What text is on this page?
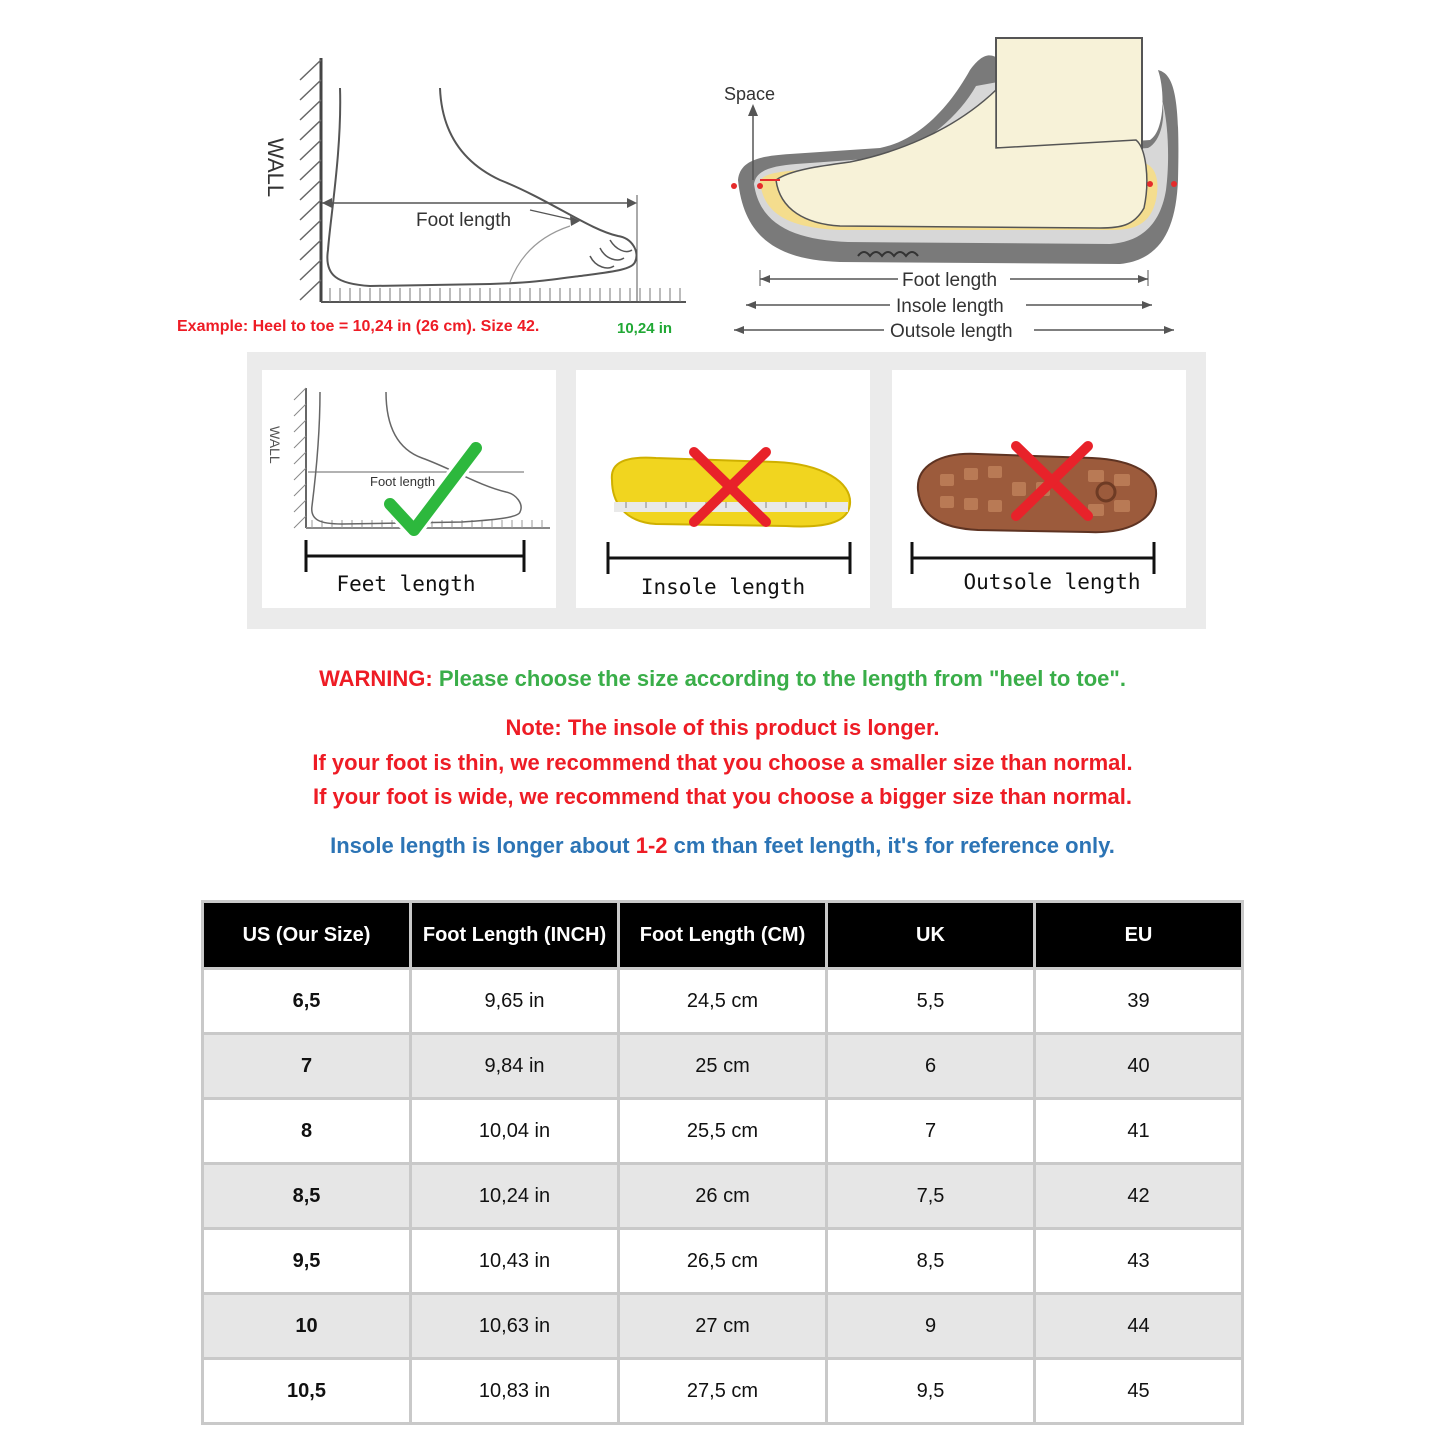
WALL
Foot length
Example: Heel to toe = 10,24 in (26 cm). Size 42.	10,24 in
Space
Foot length
Insole length
Outsole length
WALL
Foot length
Feet length	Insole length	Outsole length
WARNING: Please choose the size according to the length from "heel to toe".
Note: The insole of this product is longer.
If your foot is thin, we recommend that you choose a smaller size than normal.
If your foot is wide, we recommend that you choose a bigger size than normal.
Insole length is longer about 1-2 cm than feet length, it's for reference only.
US (Our Size)	Foot Length (INCH)	Foot Length (CM)	UK	EU
6,5	9,65 in	24,5 cm	5,5	39
7	9,84 in	25 cm	6	40
8	10,04 in	25,5 cm	7	41
8,5	10,24 in	26 cm	7,5	42
9,5	10,43 in	26,5 cm	8,5	43
10	10,63 in	27 cm	9	44
10,5	10,83 in	27,5 cm	9,5	45
